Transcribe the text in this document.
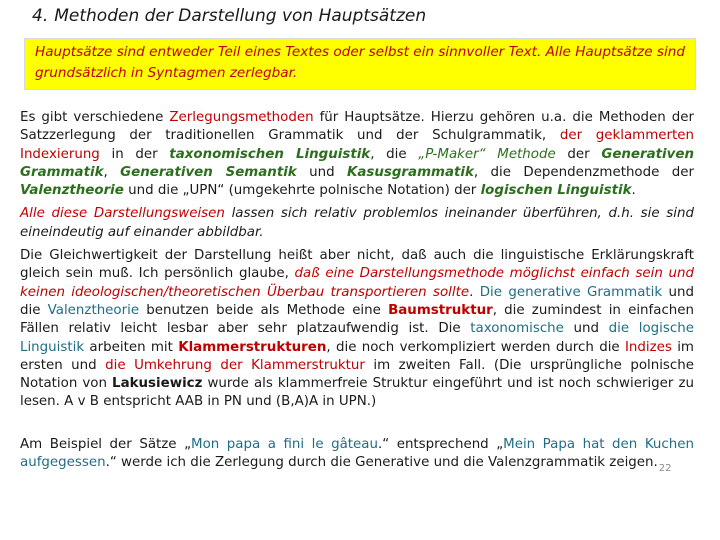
4. Methoden der Darstellung von Hauptsätzen
Hauptsätze sind entweder Teil eines Textes oder selbst ein sinnvoller Text. Alle Hauptsätze sind grundsätzlich in Syntagmen zerlegbar.

Es gibt verschiedene Zerlegungsmethoden für Hauptsätze. Hierzu gehören u.a. die Methoden der Satzzerlegung der traditionellen Grammatik und der Schulgrammatik, der geklammerten Indexierung in der taxonomischen Linguistik, die „P-Maker“ Methode der Generativen Grammatik, Generativen Semantik und Kasusgrammatik, die Dependenzmethode der Valenztheorie und die „UPN“ (umgekehrte polnische Notation) der logischen Linguistik.

Alle diese Darstellungsweisen lassen sich relativ problemlos ineinander überführen, d.h. sie sind eineindeutig auf einander abbildbar.

Die Gleichwertigkeit der Darstellung heißt aber nicht, daß auch die linguistische Erklärungskraft gleich sein muß. Ich persönlich glaube, daß eine Darstellungsmethode möglichst einfach sein und keinen ideologischen/theoretischen Überbau transportieren sollte. Die generative Grammatik und die Valenztheorie benutzen beide als Methode eine Baumstruktur, die zumindest in einfachen Fällen relativ leicht lesbar aber sehr platzaufwendig ist. Die taxonomische und die logische Linguistik arbeiten mit Klammerstrukturen, die noch verkompliziert werden durch die Indizes im ersten und die Umkehrung der Klammerstruktur im zweiten Fall. (Die ursprüngliche polnische Notation von Lakusiewicz wurde als klammerfreie Struktur eingeführt und ist noch schwieriger zu lesen. A v B entspricht AAB in PN und (B,A)A in UPN.)

Am Beispiel der Sätze „Mon papa a fini le gâteau.“ entsprechend „Mein Papa hat den Kuchen aufgegessen.“ werde ich die Zerlegung durch die Generative und die Valenzgrammatik $zeigen._{22}$
